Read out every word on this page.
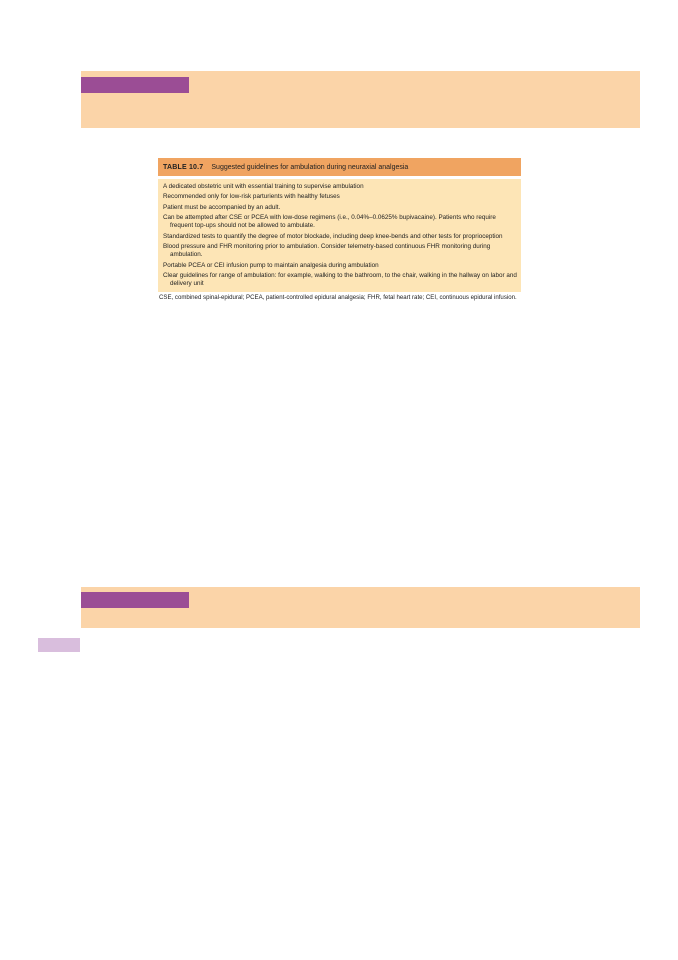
TABLE 10.7 Suggested guidelines for ambulation during neuraxial analgesia
A dedicated obstetric unit with essential training to supervise ambulation
Recommended only for low-risk parturients with healthy fetuses
Patient must be accompanied by an adult.
Can be attempted after CSE or PCEA with low-dose regimens (i.e., 0.04%–0.0625% bupivacaine). Patients who require frequent top-ups should not be allowed to ambulate.
Standardized tests to quantify the degree of motor blockade, including deep knee-bends and other tests for proprioception
Blood pressure and FHR monitoring prior to ambulation. Consider telemetry-based continuous FHR monitoring during ambulation.
Portable PCEA or CEI infusion pump to maintain analgesia during ambulation
Clear guidelines for range of ambulation: for example, walking to the bathroom, to the chair, walking in the hallway on labor and delivery unit
CSE, combined spinal-epidural; PCEA, patient-controlled epidural analgesia; FHR, fetal heart rate; CEI, continuous epidural infusion.
